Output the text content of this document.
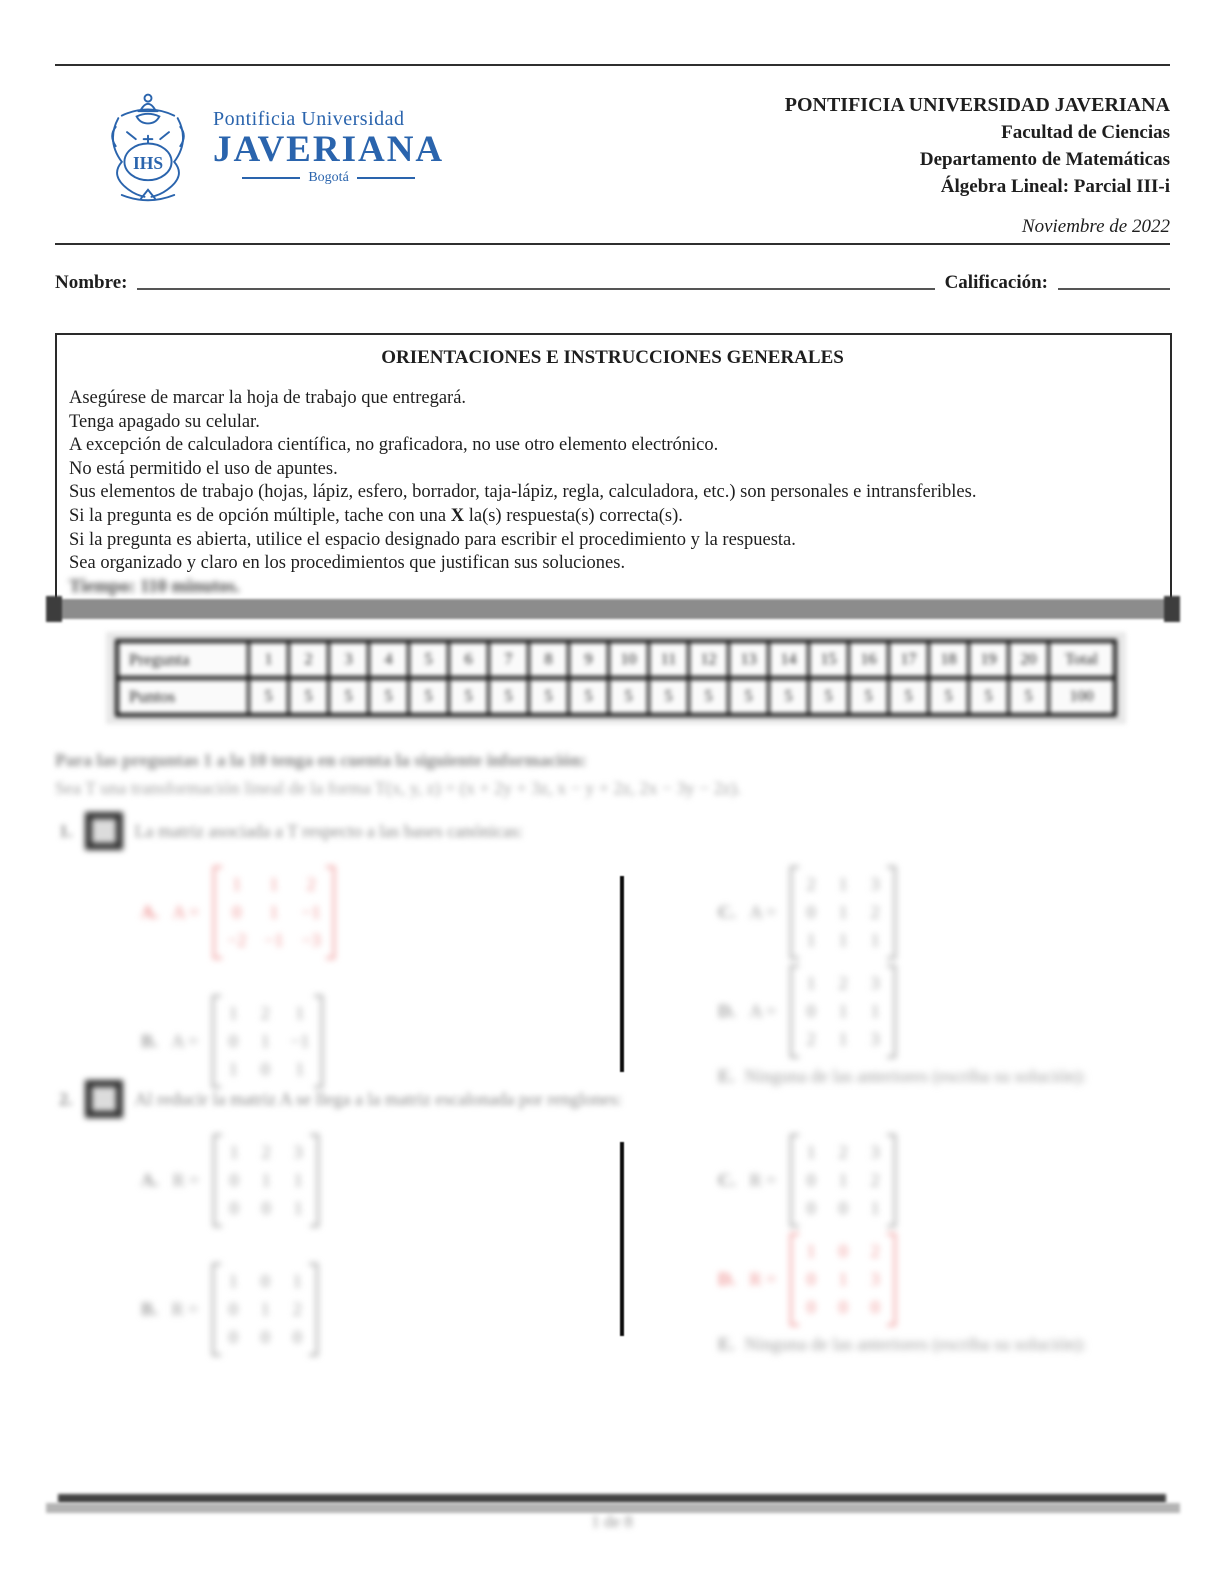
IHS
Pontificia Universidad
JAVERIANA
Bogotá
PONTIFICIA UNIVERSIDAD JAVERIANA
Facultad de Ciencias
Departamento de Matemáticas
Álgebra Lineal: Parcial III-i
Noviembre de 2022
Nombre:	Calificación:
ORIENTACIONES E INSTRUCCIONES GENERALES
Asegúrese de marcar la hoja de trabajo que entregará.
Tenga apagado su celular.
A excepción de calculadora científica, no graficadora, no use otro elemento electrónico.
No está permitido el uso de apuntes.
Sus elementos de trabajo (hojas, lápiz, esfero, borrador, taja-lápiz, regla, calculadora, etc.) son personales e intransferibles.
Si la pregunta es de opción múltiple, tache con una X la(s) respuesta(s) correcta(s).
Si la pregunta es abierta, utilice el espacio designado para escribir el procedimiento y la respuesta.
Sea organizado y claro en los procedimientos que justifican sus soluciones.
Tiempo: 110 minutos.
Pregunta	1	2	3	4	5	6	7	8	9	10	11	12	13	14	15	16	17	18	19	20	Total
Puntos	5	5	5	5	5	5	5	5	5	5	5	5	5	5	5	5	5	5	5	5	100
Para las preguntas 1 a la 10 tenga en cuenta la siguiente información:
Sea T una transformación lineal de la forma T(x, y, z) = (x + 2y + 3z, x − y + 2z, 2x − 3y − 2z).
1.	La matriz asociada a T respecto a las bases canónicas:
A. A =
1 1 2
0 1 −1
−2 −1 −3
B. A =
1 2 1
0 1 −1
1 0 1
C. A =
2 1 3
0 1 2
1 1 1
D. A =
1 2 3
0 1 1
2 1 3
E. Ninguna de las anteriores (escriba su solución):
2.	Al reducir la matriz A se llega a la matriz escalonada por renglones:
A. R =
1 2 3
0 1 1
0 0 1
B. R =
1 0 1
0 1 2
0 0 0
C. R =
1 2 3
0 1 2
0 0 1
D. R =
1 0 2
0 1 3
0 0 0
E. Ninguna de las anteriores (escriba su solución):
1 de 8
